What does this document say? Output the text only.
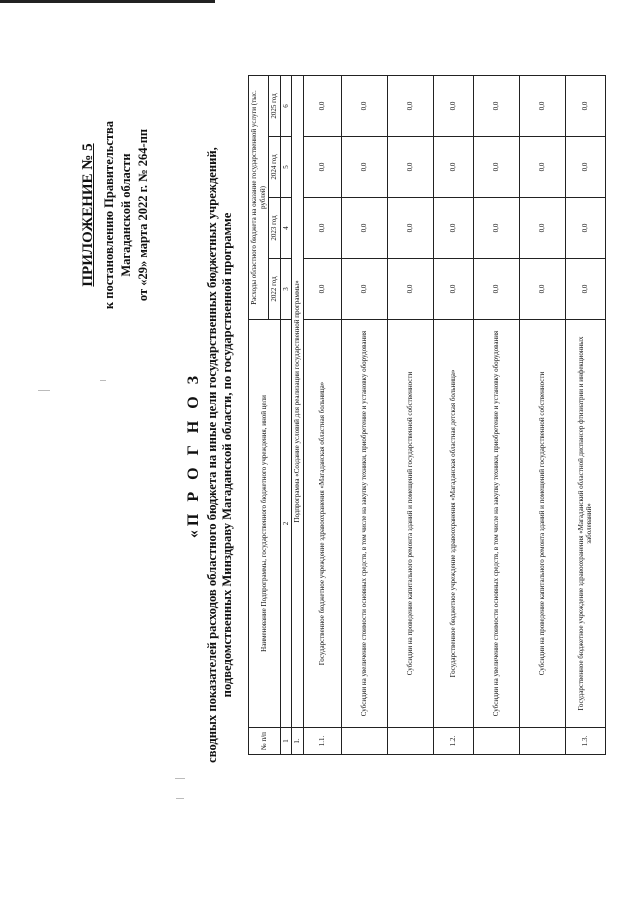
ПРИЛОЖЕНИЕ № 5 к постановлению Правительства Магаданской области от «29» марта 2022 г. № 264-пп
«П Р О Г Н О З сводных показателей расходов областного бюджета на иные цели государственных бюджетных учреждений, подведомственных Минздраву Магаданской области, по государственной программе
№ п/п	Наименование Подпрограммы, государственного бюджетного учреждения, иной цели	Расходы областного бюджета на оказание государственной услуги (тыс. рублей)			
		2022 год	2023 год	2024 год	2025 год
1	2	3	4	5	6
1.	Подпрограмма «Создание условий для реализации государственной программы»				
1.1.	Государственное бюджетное учреждение здравоохранения «Магаданская областная больница»	0,0	0,0	0,0	0,0
	Субсидии на увеличение стоимости основных средств, в том числе на закупку техники, приобретение и установку оборудования	0,0	0,0	0,0	0,0
	Субсидии на проведение капитального ремонта зданий и помещений государственной собственности	0,0	0,0	0,0	0,0
1.2.	Государственное бюджетное учреждение здравоохранения «Магаданская областная детская больница»	0,0	0,0	0,0	0,0
	Субсидии на увеличение стоимости основных средств, в том числе на закупку техники, приобретение и установку оборудования	0,0	0,0	0,0	0,0
	Субсидии на проведение капитального ремонта зданий и помещений государственной собственности	0,0	0,0	0,0	0,0
1.3.	Государственное бюджетное учреждение здравоохранения «Магаданский областной диспансер фтизиатрии и инфекционных заболеваний»	0,0	0,0	0,0	0,0
